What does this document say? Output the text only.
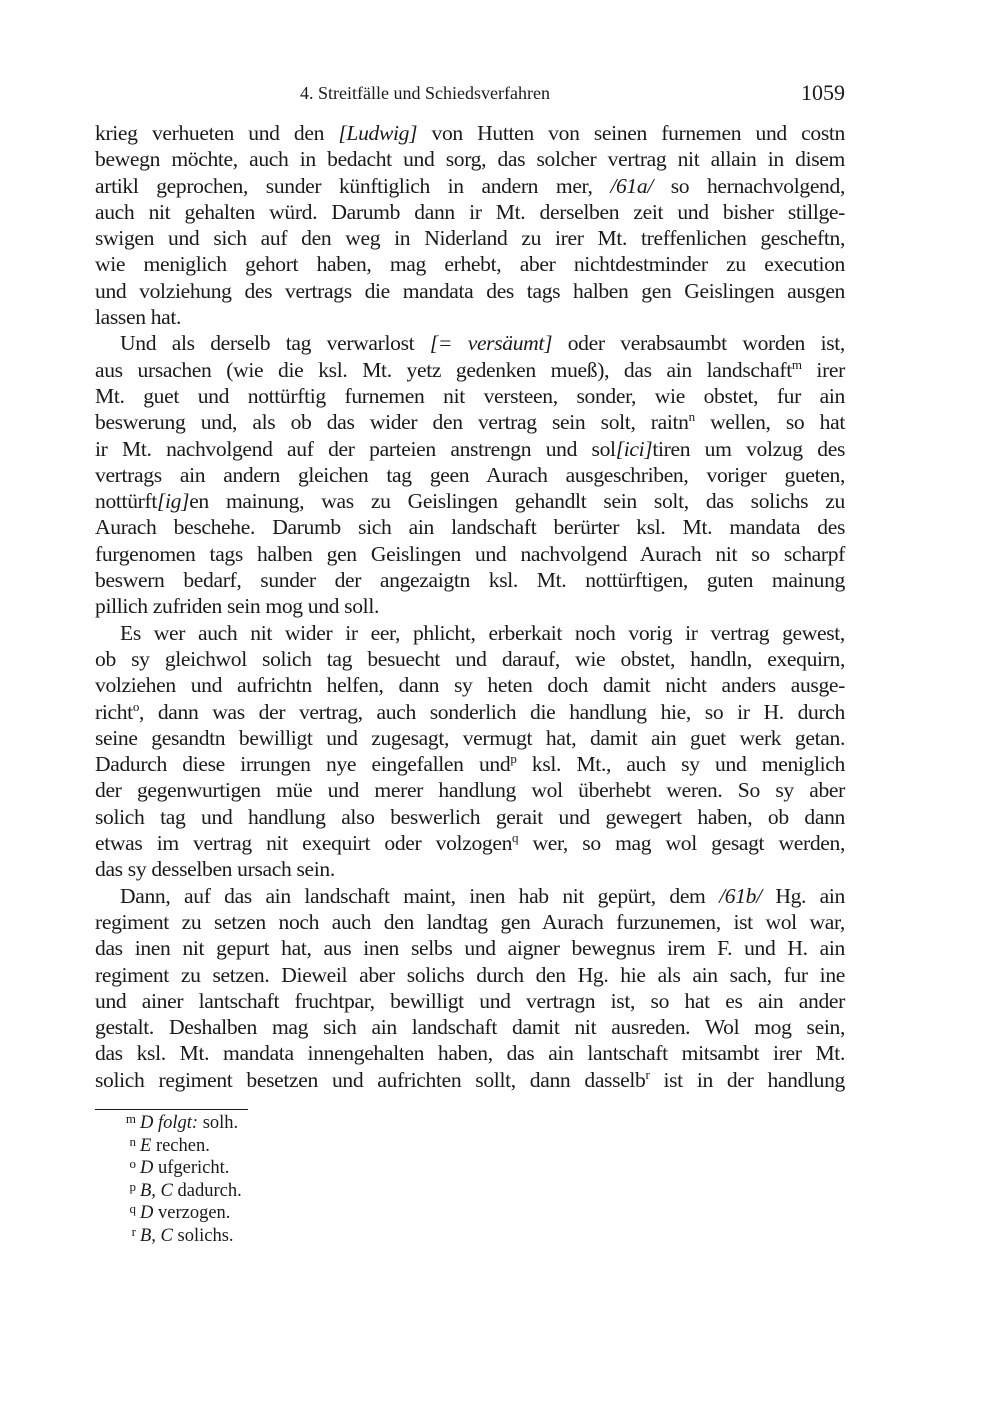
4. Streitfälle und Schiedsverfahren	1059
krieg verhueten und den [Ludwig] von Hutten von seinen furnemen und costn
bewegn möchte, auch in bedacht und sorg, das solcher vertrag nit allain in disem
artikl geprochen, sunder künftiglich in andern mer, /61a/ so hernachvolgend,
auch nit gehalten würd. Darumb dann ir Mt. derselben zeit und bisher stillge-
swigen und sich auf den weg in Niderland zu irer Mt. treffenlichen gescheftn,
wie meniglich gehort haben, mag erhebt, aber nichtdestminder zu execution
und volziehung des vertrags die mandata des tags halben gen Geislingen ausgen
lassen hat.
Und als derselb tag verwarlost [= versäumt] oder verabsaumbt worden ist,
aus ursachen (wie die ksl. Mt. yetz gedenken mueß), das ain landschaft$^m$ irer
Mt. guet und nottürftig furnemen nit versteen, sonder, wie obstet, fur ain
beswerung und, als ob das wider den vertrag sein solt, raitn$^n$ wellen, so hat
ir Mt. nachvolgend auf der parteien anstrengn und sol[ici]tiren um volzug des
vertrags ain andern gleichen tag geen Aurach ausgeschriben, voriger gueten,
nottürft[ig]en mainung, was zu Geislingen gehandlt sein solt, das solichs zu
Aurach beschehe. Darumb sich ain landschaft berürter ksl. Mt. mandata des
furgenomen tags halben gen Geislingen und nachvolgend Aurach nit so scharpf
beswern bedarf, sunder der angezaigtn ksl. Mt. nottürftigen, guten mainung
pillich zufriden sein mog und soll.
Es wer auch nit wider ir eer, phlicht, erberkait noch vorig ir vertrag gewest,
ob sy gleichwol solich tag besuecht und darauf, wie obstet, handln, exequirn,
volziehen und aufrichtn helfen, dann sy heten doch damit nicht anders ausge-
richt$^o$, dann was der vertrag, auch sonderlich die handlung hie, so ir H. durch
seine gesandtn bewilligt und zugesagt, vermugt hat, damit ain guet werk getan.
Dadurch diese irrungen nye eingefallen und$^p$ ksl. Mt., auch sy und meniglich
der gegenwurtigen müe und merer handlung wol überhebt weren. So sy aber
solich tag und handlung also beswerlich gerait und gewegert haben, ob dann
etwas im vertrag nit exequirt oder volzogen$^q$ wer, so mag wol gesagt werden,
das sy desselben ursach sein.
Dann, auf das ain landschaft maint, inen hab nit gepürt, dem /61b/ Hg. ain
regiment zu setzen noch auch den landtag gen Aurach furzunemen, ist wol war,
das inen nit gepurt hat, aus inen selbs und aigner bewegnus irem F. und H. ain
regiment zu setzen. Dieweil aber solichs durch den Hg. hie als ain sach, fur ine
und ainer lantschaft fruchtpar, bewilligt und vertragn ist, so hat es ain ander
gestalt. Deshalben mag sich ain landschaft damit nit ausreden. Wol mog sein,
das ksl. Mt. mandata innengehalten haben, das ain lantschaft mitsambt irer Mt.
solich regiment besetzen und aufrichten sollt, dann dasselb$^r$ ist in der handlung
m D folgt: solh.
n E rechen.
o D ufgericht.
p B, C dadurch.
q D verzogen.
r B, C solichs.
